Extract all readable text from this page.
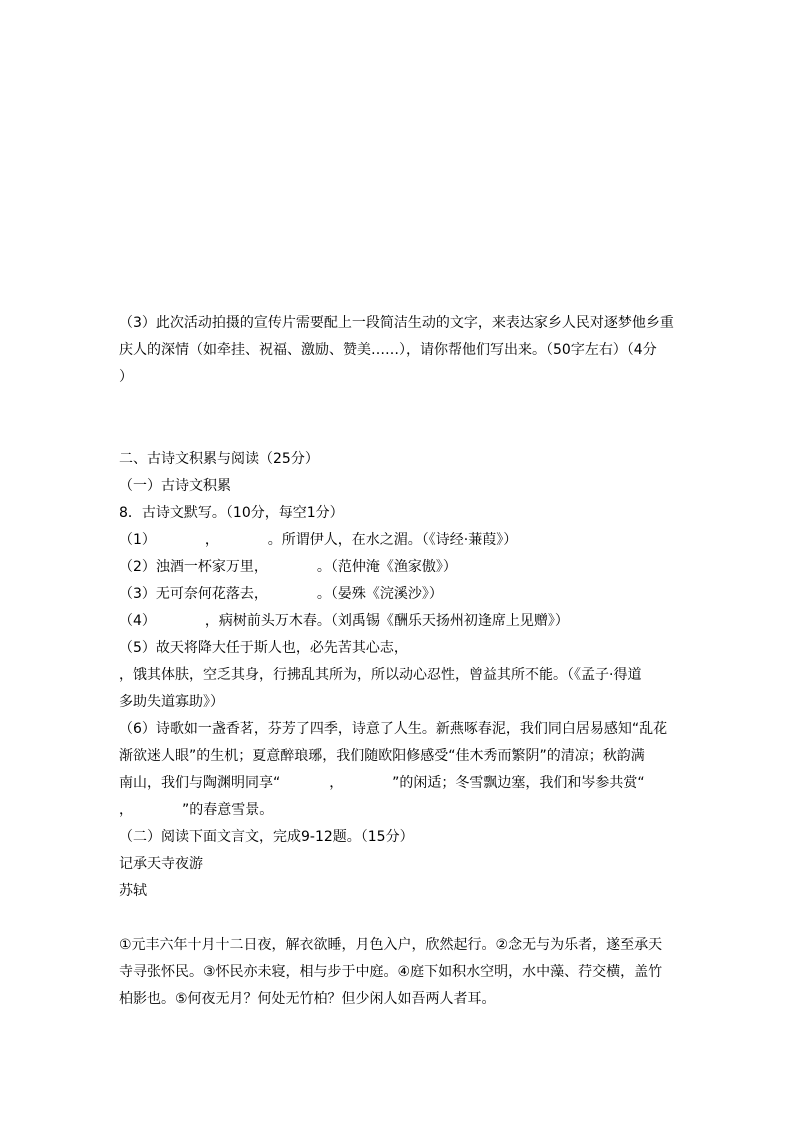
（3）此次活动拍摄的宣传片需要配上一段简洁生动的文字，来表达家乡人民对逐梦他乡重
庆人的深情（如牵挂、祝福、激励、赞美……），请你帮他们写出来。（50字左右）（4分
）
二、古诗文积累与阅读（25分）
（一）古诗文积累
8．古诗文默写。（10分，每空1分）
（1）           ，           。所谓伊人，在水之湄。（《诗经·蒹葭》）
（2）浊酒一杯家万里，           。（范仲淹《渔家傲》）
（3）无可奈何花落去，           。（晏殊《浣溪沙》）
（4）           ，病树前头万木春。（刘禹锡《酬乐天扬州初逢席上见赠》）
（5）故天将降大任于斯人也，必先苦其心志，
，饿其体肤，空乏其身，行拂乱其所为，所以动心忍性，曾益其所不能。（《孟子·得道
多助失道寡助》）
（6）诗歌如一盏香茗，芬芳了四季，诗意了人生。新燕啄春泥，我们同白居易感知“乱花
渐欲迷人眼”的生机；夏意醉琅琊，我们随欧阳修感受“佳木秀而繁阴”的清凉；秋韵满
南山，我们与陶渊明同享“           ，           ”的闲适；冬雪飘边塞，我们和岑参共赏“
，           ”的春意雪景。
（二）阅读下面文言文，完成9-12题。（15分）
记承天寺夜游
苏轼
①元丰六年十月十二日夜，解衣欲睡，月色入户，欣然起行。②念无与为乐者，遂至承天
寺寻张怀民。③怀民亦未寝，相与步于中庭。④庭下如积水空明，水中藻、荇交横，盖竹
柏影也。⑤何夜无月？何处无竹柏？但少闲人如吾两人者耳。
